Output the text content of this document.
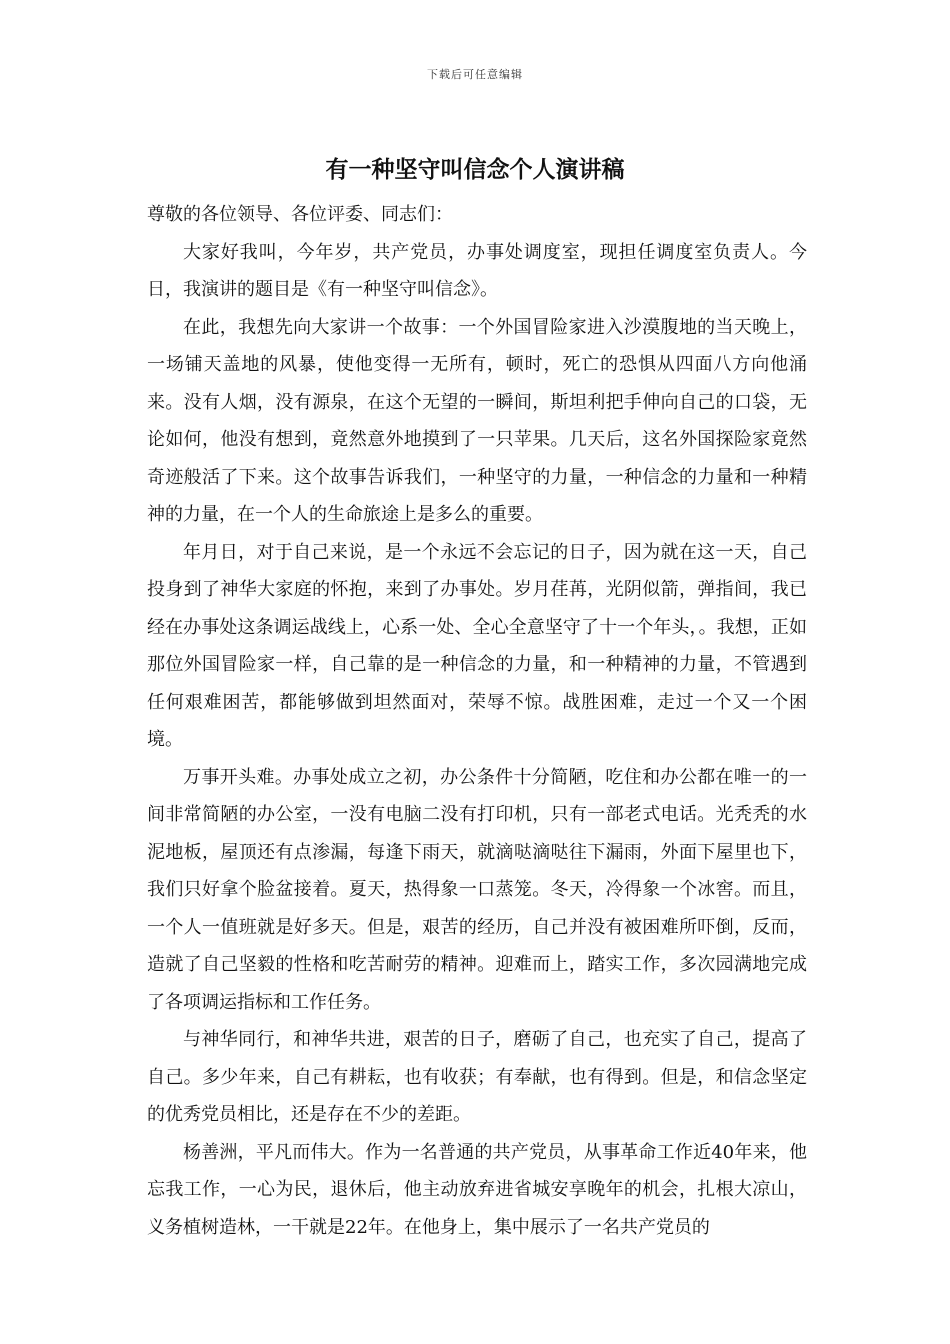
下载后可任意编辑
有一种坚守叫信念个人演讲稿

尊敬的各位领导、各位评委、同志们：

大家好我叫，今年岁，共产党员，办事处调度室，现担任调度室负责人。今日，我演讲的题目是《有一种坚守叫信念》。

在此，我想先向大家讲一个故事：一个外国冒险家进入沙漠腹地的当天晚上，一场铺天盖地的风暴，使他变得一无所有，顿时，死亡的恐惧从四面八方向他涌来。没有人烟，没有源泉，在这个无望的一瞬间，斯坦利把手伸向自己的口袋，无论如何，他没有想到，竟然意外地摸到了一只苹果。几天后，这名外国探险家竟然奇迹般活了下来。这个故事告诉我们，一种坚守的力量，一种信念的力量和一种精神的力量，在一个人的生命旅途上是多么的重要。

年月日，对于自己来说，是一个永远不会忘记的日子，因为就在这一天，自己投身到了神华大家庭的怀抱，来到了办事处。岁月荏苒，光阴似箭，弹指间，我已经在办事处这条调运战线上，心系一处、全心全意坚守了十一个年头，。我想，正如那位外国冒险家一样，自己靠的是一种信念的力量，和一种精神的力量，不管遇到任何艰难困苦，都能够做到坦然面对，荣辱不惊。战胜困难，走过一个又一个困境。

万事开头难。办事处成立之初，办公条件十分简陋，吃住和办公都在唯一的一间非常简陋的办公室，一没有电脑二没有打印机，只有一部老式电话。光秃秃的水泥地板，屋顶还有点渗漏，每逢下雨天，就滴哒滴哒往下漏雨，外面下屋里也下，我们只好拿个脸盆接着。夏天，热得象一口蒸笼。冬天，冷得象一个冰窖。而且，一个人一值班就是好多天。但是，艰苦的经历，自己并没有被困难所吓倒，反而，造就了自己坚毅的性格和吃苦耐劳的精神。迎难而上，踏实工作，多次园满地完成了各项调运指标和工作任务。

与神华同行，和神华共进，艰苦的日子，磨砺了自己，也充实了自己，提高了自己。多少年来，自己有耕耘，也有收获；有奉献，也有得到。但是，和信念坚定的优秀党员相比，还是存在不少的差距。

杨善洲，平凡而伟大。作为一名普通的共产党员，从事革命工作近40年来，他忘我工作，一心为民，退休后，他主动放弃进省城安享晚年的机会，扎根大凉山，义务植树造林，一干就是22年。在他身上，集中展示了一名共产党员的
